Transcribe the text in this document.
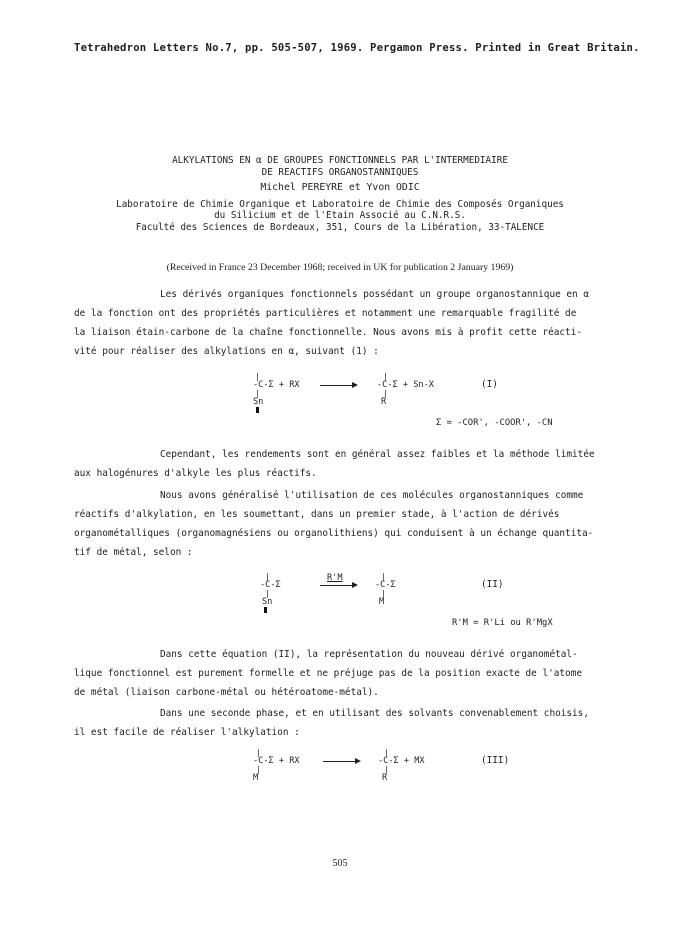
Tetrahedron Letters No.7, pp. 505-507, 1969. Pergamon Press. Printed in Great Britain.
ALKYLATIONS EN α DE GROUPES FONCTIONNELS PAR L'INTERMEDIAIRE
DE REACTIFS ORGANOSTANNIQUES
Michel PEREYRE et Yvon ODIC
Laboratoire de Chimie Organique et Laboratoire de Chimie des Composés Organiques
du Silicium et de l'Etain Associé au C.N.R.S.
Faculté des Sciences de Bordeaux, 351, Cours de la Libération, 33-TALENCE
(Received in France 23 December 1968; received in UK for publication 2 January 1969)
Les dérivés organiques fonctionnels possédant un groupe organostannique en α
de la fonction ont des propriétés particulières et notamment une remarquable fragilité de
la liaison étain-carbone de la chaîne fonctionnelle. Nous avons mis à profit cette réacti-
vité pour réaliser des alkylations en α, suivant (1) :
|
-C-Σ + RX
|
Sn
|
-C-Σ + Sn-X
|
R
(I)
Σ = -COR', -COOR', -CN
Cependant, les rendements sont en général assez faibles et la méthode limitée
aux halogénures d'alkyle les plus réactifs.
Nous avons généralisé l'utilisation de ces molécules organostanniques comme
réactifs d'alkylation, en les soumettant, dans un premier stade, à l'action de dérivés
organométalliques (organomagnésiens ou organolithiens) qui conduisent à un échange quantita-
tif de métal, selon :
|
-C-Σ
|
Sn
R'M	|
-C-Σ
|
M
(II)
R'M = R'Li ou R'MgX
Dans cette équation (II), la représentation du nouveau dérivé organométal-
lique fonctionnel est purement formelle et ne préjuge pas de la position exacte de l'atome
de métal (liaison carbone-métal ou hétéroatome-métal).
Dans une seconde phase, et en utilisant des solvants convenablement choisis,
il est facile de réaliser l'alkylation :
|
-C-Σ + RX
|
M
|
-C-Σ + MX
|
R
(III)
505
